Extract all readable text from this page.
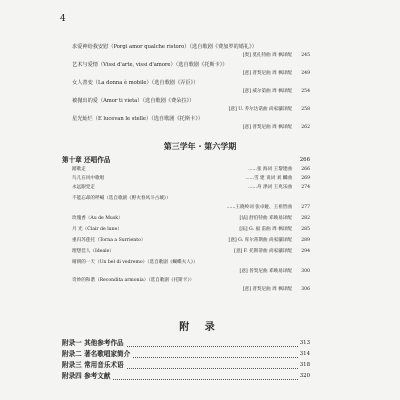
4
求爱神给我安慰（Porgi amor qualche ristoro）（选自歌剧《费加罗的婚礼》）
[奥] 莫扎特曲 周 枫译配 245
艺术与爱情（Vissi d'arte, vissi d'amore）（选自歌剧《托斯卡》）
[意] 普契尼曲 周 枫译配 249
女人善变（La donna è mobile）（选自歌剧《弄臣》）
[意] 威尔第曲 周 枫译配 254
被抛出的爱（Amor ti vieta）（选自歌剧《费朵拉》）
[意] U. 乔尔达诺曲 尚家骧译配 258
星光灿烂（E lucevan le stelle）（选自歌剧《托斯卡》）
[意] 普契尼曲 周 枫译配 262
第三学年 · 第六学期
第十章 还唱作品	266
踏歌走	......张 海词 王黎建曲 266
鸟儿在风中歌唱	......雪 建 说词 刘 麟曲 269
永远跟党走	......舟 涤词 王兆乐曲 274
不能忘却的呼喊（选自歌剧《野火春风斗古城》）
......王晓岭词 张卓娅、王祖皆曲 277
玫瑰香（Au de Musk）	[法] 舒伯特曲 邓映易译配 282
月 光（Clair de lune）	[法] G. 福 雷曲 周 枫译配 285
重归苏莲托（Torna a Surriento）	[意] G. 库尔蒂斯曲 尚家骧译配 289
理想佳人（Ideale）	[意] F. 托斯蒂曲 尚家骧译配 294
晴朗的一天（Un bel di vedremo）（选自歌剧《蝴蝶夫人》）
[意] 普契尼曲 邓映易译配 300
奇妙的和谐（Recondita armonia）（选自歌剧《托斯卡》）
[意] 普契尼曲 周 枫译配 306
附 录
附录一 其他参考作品	313
附录二 著名歌唱家简介	314
附录三 常用音乐术语	318
附录四 参考文献	320
